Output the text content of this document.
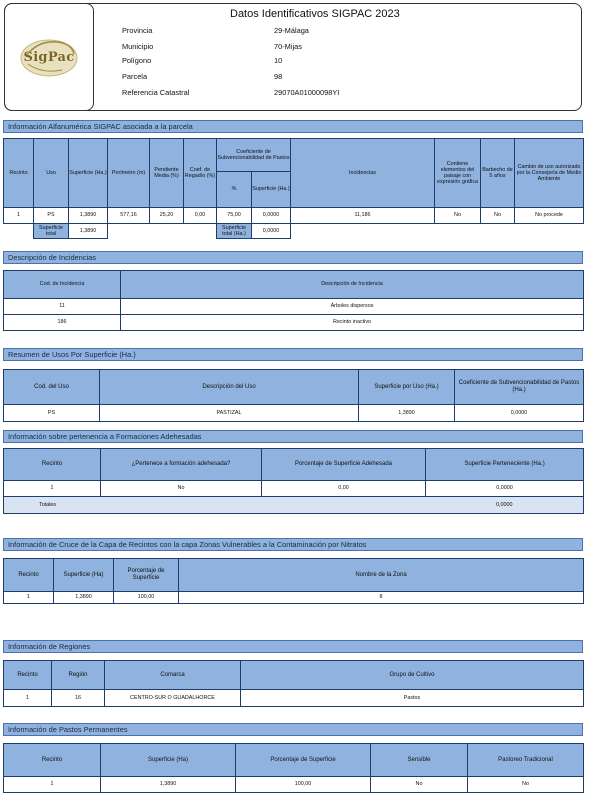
SigPac
Datos Identificativos SIGPAC 2023
Provincia	29-Málaga
Municipio	70-Mijas
Polígono	10
Parcela	98
Referencia Catastral	29070A01000098YI
Información Alfanumérica SIGPAC asociada a la parcela
Recinto	Uso	Superficie (Ha.)	Perímetro (m)	Pendiente Media (%)	Coef. de Regadío (%)	Coeficiente de Subvencionabilidad de Pastos		Incidencias	Contiene elementos del paisaje con expresión gráfica	Barbecho de 5 años	Cambio de uso autorizado por la Consejería de Medio Ambiente
						%	Superficie (Ha.)				
1	PS	1,3890	577,16	25,20	0,00	75,00	0,0000	11,186	No	No	No procede
	Superficie total	1,3890				Superficie total (Ha.)	0,0000				
Descripción de Incidencias
Cod. de Incidencia	Descripción de Incidencia
11	Árboles dispersos
186	Recinto inactivo
Resumen de Usos Por Superficie (Ha.)
Cod. del Uso	Descripción del Uso	Superficie por Uso (Ha.)	Coeficiente de Subvencionabilidad de Pastos (Ha.)
PS	PASTIZAL	1,3890	0,0000
Información sobre pertenencia a Formaciones Adehesadas
Recinto	¿Pertenece a formación adehesada?	Porcentaje de Superficie Adehesada	Superficie Perteneciente (Ha.)
1	No	0,00	0,0000
Totales			0,0000
Información de Cruce de la Capa de Recintos con la capa Zonas Vulnerables a la Contaminación por Nitratos
Recinto	Superficie (Ha)	Porcentaje de Superficie	Nombre de la Zona
1	1,3890	100,00	8
Información de Regiones
Recinto	Región	Comarca	Grupo de Cultivo
1	16	CENTRO-SUR O GUADALHORCE	Pastos
Información de Pastos Permanentes
Recinto	Superficie (Ha)	Porcentaje de Superficie	Sensible	Pastoreo Tradicional
1	1,3890	100,00	No	No
